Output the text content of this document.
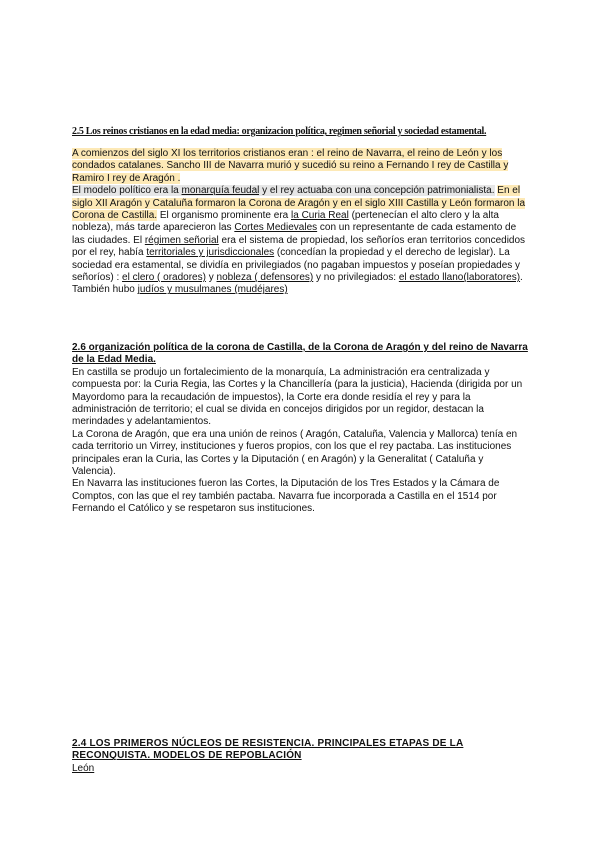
2.5 Los reinos cristianos en la edad media: organizacion política, regimen señorial y sociedad estamental.

A comienzos del siglo XI los territorios cristianos eran : el reino de Navarra, el reino de León y los condados catalanes. Sancho III de Navarra murió y sucedió su reino a Fernando I rey de Castilla y Ramiro I rey de Aragón .

El modelo político era la monarquía feudal y el rey actuaba con una concepción patrimonialista. En el siglo XII Aragón y Cataluña formaron la Corona de Aragón y en el siglo XIII Castilla y León formaron la Corona de Castilla. El organismo prominente era la Curia Real (pertenecían el alto clero y la alta nobleza), más tarde aparecieron las Cortes Medievales con un representante de cada estamento de las ciudades. El régimen señorial era el sistema de propiedad, los señoríos eran territorios concedidos por el rey, había territoriales y jurisdiccionales (concedían la propiedad y el derecho de legislar). La sociedad era estamental, se dividía en privilegiados (no pagaban impuestos y poseían propiedades y señoríos) : el clero ( oradores) y nobleza ( defensores) y no privilegiados: el estado llano(laboratores). También hubo judíos y musulmanes (mudéjares)

2.6 organización política de la corona de Castilla, de la Corona de Aragón y del reino de Navarra de la Edad Media.

En castilla se produjo un fortalecimiento de la monarquía, La administración era centralizada y compuesta por: la Curia Regia, las Cortes y la Chancillería (para la justicia), Hacienda (dirigida por un Mayordomo para la recaudación de impuestos), la Corte era donde residía el rey y para la administración de territorio; el cual se divida en concejos dirigidos por un regidor, destacan la merindades y adelantamientos.

La Corona de Aragón, que era una unión de reinos ( Aragón, Cataluña, Valencia y Mallorca) tenía en cada territorio un Virrey, instituciones y fueros propios, con los que el rey pactaba. Las instituciones principales eran la Curia, las Cortes y la Diputación ( en Aragón) y la Generalitat ( Cataluña y Valencia).

En Navarra las instituciones fueron las Cortes, la Diputación de los Tres Estados y la Cámara de Comptos, con las que el rey también pactaba. Navarra fue incorporada a Castilla en el 1514 por Fernando el Católico y se respetaron sus instituciones.

2.4 LOS PRIMEROS NÚCLEOS DE RESISTENCIA. PRINCIPALES ETAPAS DE LA RECONQUISTA. MODELOS DE REPOBLACIÓN

León
